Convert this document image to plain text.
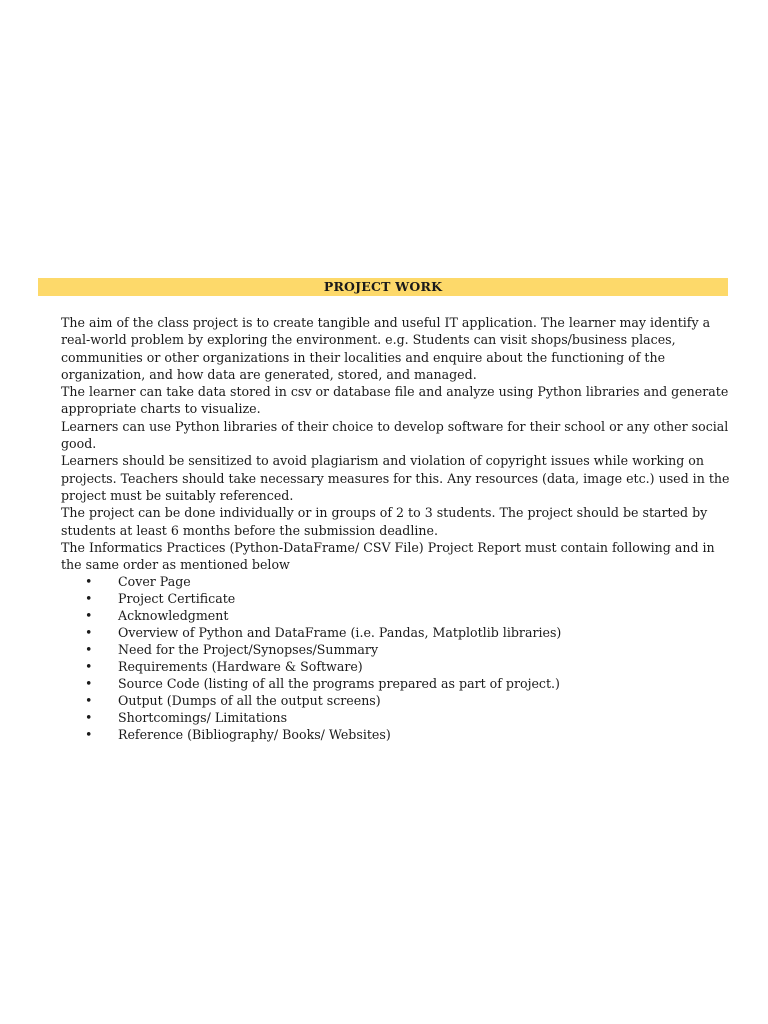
PROJECT WORK

The aim of the class project is to create tangible and useful IT application. The learner may identify a real-world problem by exploring the environment. e.g. Students can visit shops/business places, communities or other organizations in their localities and enquire about the functioning of the organization, and how data are generated, stored, and managed.

The learner can take data stored in csv or database file and analyze using Python libraries and generate appropriate charts to visualize.

Learners can use Python libraries of their choice to develop software for their school or any other social good.

Learners should be sensitized to avoid plagiarism and violation of copyright issues while working on projects. Teachers should take necessary measures for this. Any resources (data, image etc.) used in the project must be suitably referenced.

The project can be done individually or in groups of 2 to 3 students. The project should be started by students at least 6 months before the submission deadline.

The Informatics Practices (Python-DataFrame/ CSV File) Project Report must contain following and in the same order as mentioned below

• Cover Page
• Project Certificate
• Acknowledgment
• Overview of Python and DataFrame (i.e. Pandas, Matplotlib libraries)
• Need for the Project/Synopses/Summary
• Requirements (Hardware & Software)
• Source Code (listing of all the programs prepared as part of project.)
• Output (Dumps of all the output screens)
• Shortcomings/ Limitations
• Reference (Bibliography/ Books/ Websites)
